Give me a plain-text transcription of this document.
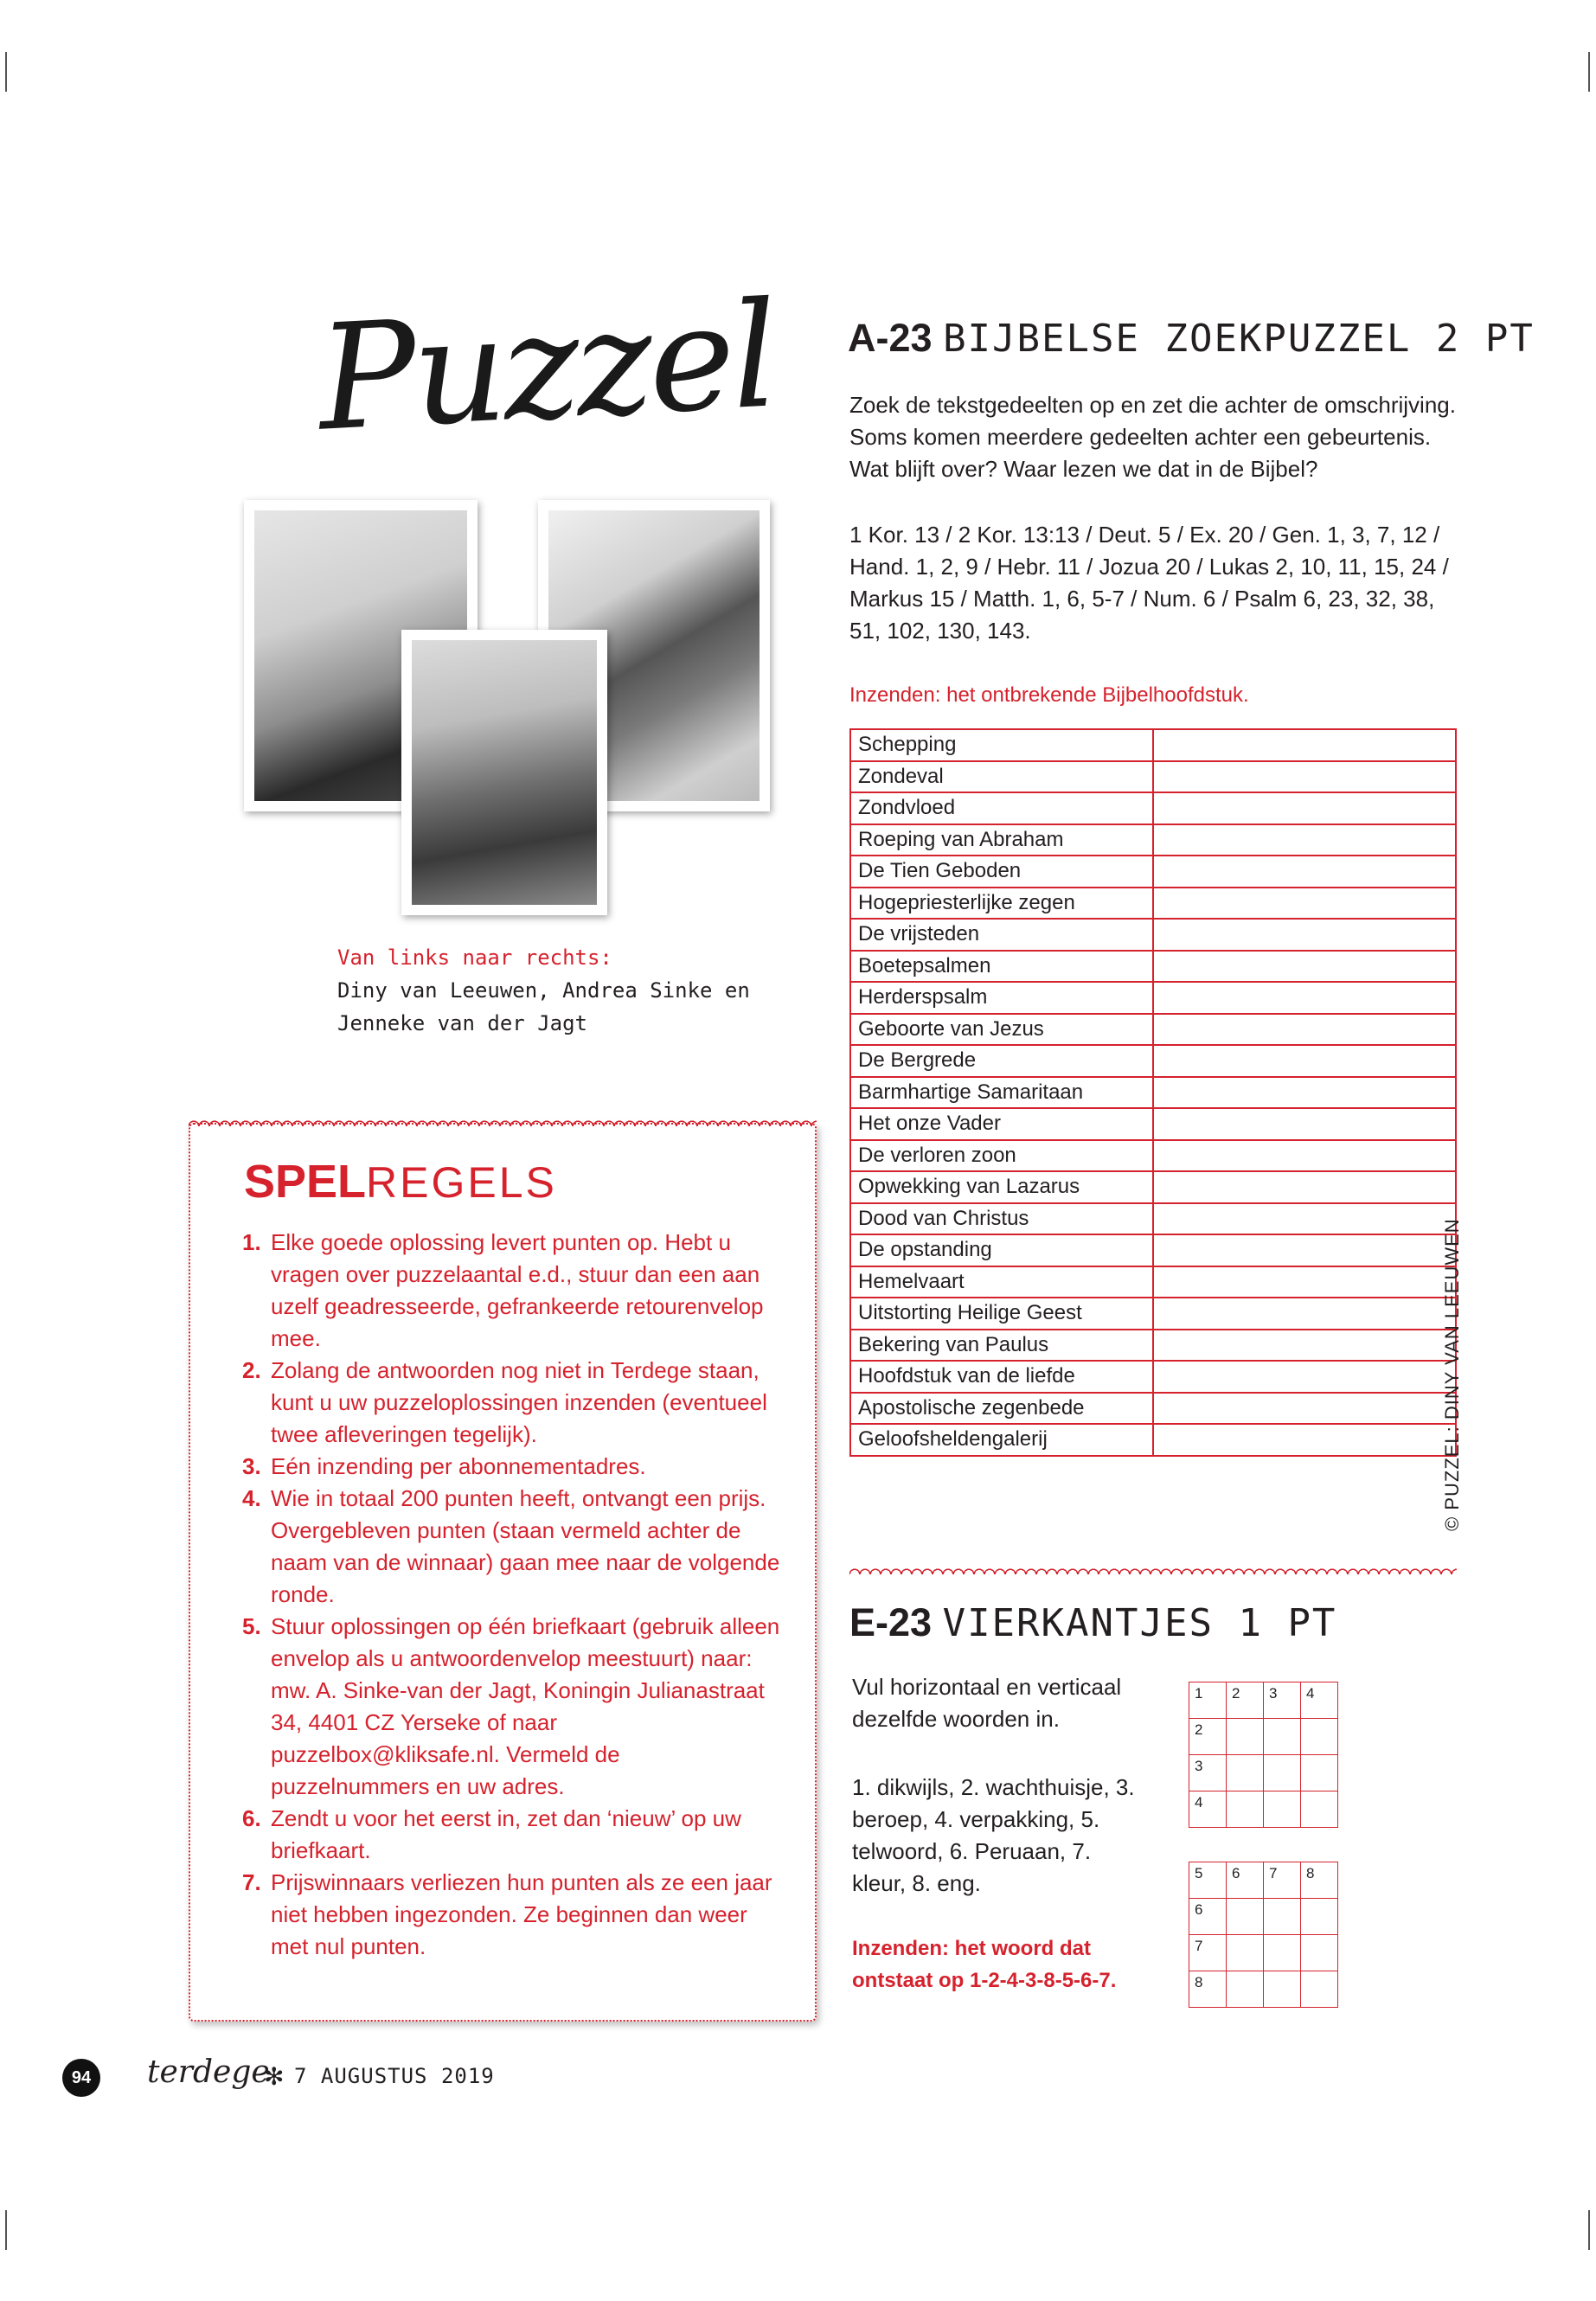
Puzzel
Van links naar rechts:
Diny van Leeuwen, Andrea Sinke en
Jenneke van der Jagt
SPELREGELS
1. Elke goede oplossing levert punten op. Hebt u vragen over puzzelaantal e.d., stuur dan een aan uzelf geadresseerde, gefrankeerde retourenvelop mee.
2. Zolang de antwoorden nog niet in Terdege staan, kunt u uw puzzeloplossingen inzenden (eventueel twee afleveringen tegelijk).
3. Eén inzending per abonnementadres.
4. Wie in totaal 200 punten heeft, ontvangt een prijs. Overgebleven punten (staan vermeld achter de naam van de winnaar) gaan mee naar de volgende ronde.
5. Stuur oplossingen op één briefkaart (gebruik alleen envelop als u antwoordenvelop meestuurt) naar: mw. A. Sinke-van der Jagt, Koningin Julianastraat 34, 4401 CZ Yerseke of naar puzzelbox@kliksafe.nl. Vermeld de puzzelnummers en uw adres.
6. Zendt u voor het eerst in, zet dan ‘nieuw’ op uw briefkaart.
7. Prijswinnaars verliezen hun punten als ze een jaar niet hebben ingezonden. Ze beginnen dan weer met nul punten.
A-23 BIJBELSE ZOEKPUZZEL 2 PT
Zoek de tekstgedeelten op en zet die achter de omschrijving. Soms komen meerdere gedeelten achter een gebeurtenis. Wat blijft over? Waar lezen we dat in de Bijbel?
1 Kor. 13 / 2 Kor. 13:13 / Deut. 5 / Ex. 20 / Gen. 1, 3, 7, 12 / Hand. 1, 2, 9 / Hebr. 11 / Jozua 20 / Lukas 2, 10, 11, 15, 24 / Markus 15 / Matth. 1, 6, 5-7 / Num. 6 / Psalm 6, 23, 32, 38, 51, 102, 130, 143.
Inzenden: het ontbrekende Bijbelhoofdstuk.
Schepping	
Zondeval	
Zondvloed	
Roeping van Abraham	
De Tien Geboden	
Hogepriesterlijke zegen	
De vrijsteden	
Boetepsalmen	
Herderspsalm	
Geboorte van Jezus	
De Bergrede	
Barmhartige Samaritaan	
Het onze Vader	
De verloren zoon	
Opwekking van Lazarus	
Dood van Christus	
De opstanding	
Hemelvaart	
Uitstorting Heilige Geest	
Bekering van Paulus	
Hoofdstuk van de liefde	
Apostolische zegenbede	
Geloofsheldengalerij		© PUZZEL: DINY VAN LEEUWEN
E-23 VIERKANTJES 1 PT
Vul horizontaal en verticaal dezelfde woorden in.
1. dikwijls, 2. wachthuisje, 3. beroep, 4. verpakking, 5. telwoord, 6. Peruaan, 7. kleur, 8. eng.
Inzenden: het woord dat ontstaat op 1-2-4-3-8-5-6-7.
1	2	3	4
2			
3			
4			
5	6	7	8
6			
7			
8			
94	terdege
✻ 7 AUGUSTUS 2019
